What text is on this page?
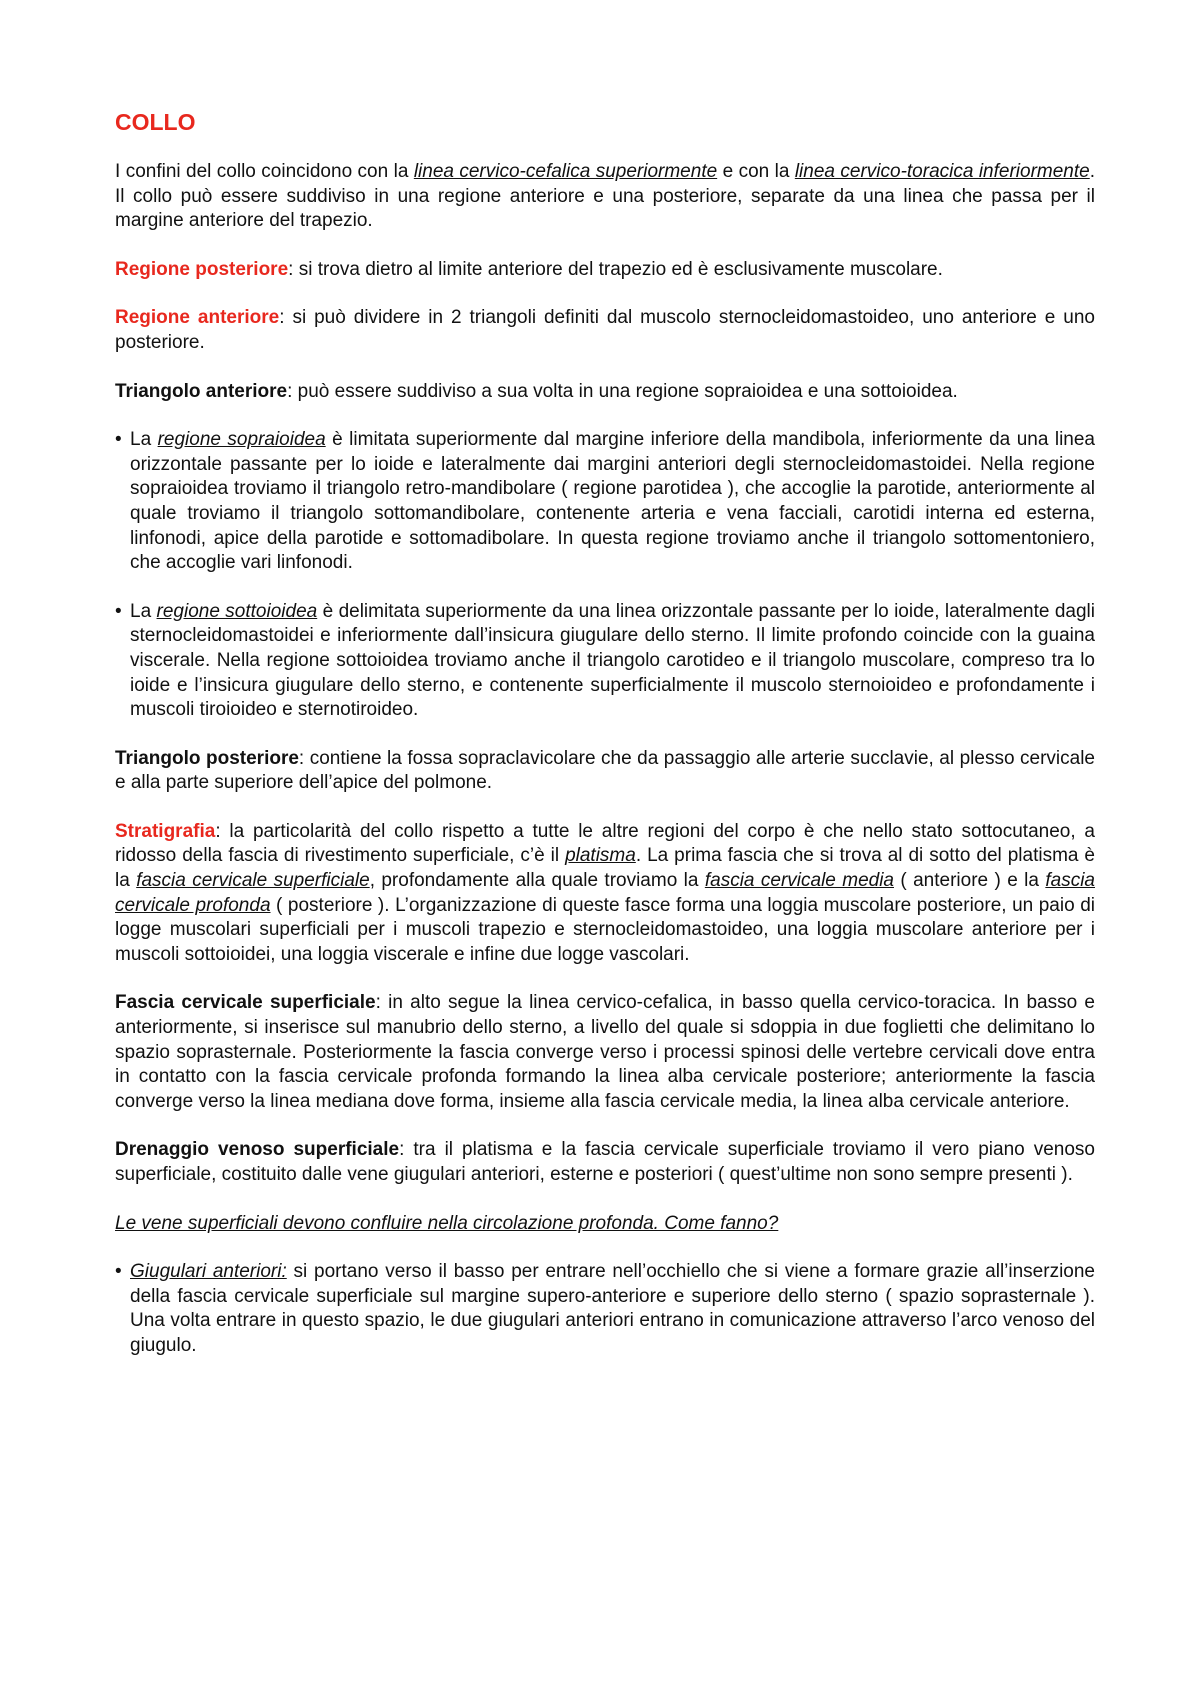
COLLO

I confini del collo coincidono con la linea cervico-cefalica superiormente e con la linea cervico-toracica inferiormente. Il collo può essere suddiviso in una regione anteriore e una posteriore, separate da una linea che passa per il margine anteriore del trapezio.

Regione posteriore: si trova dietro al limite anteriore del trapezio ed è esclusivamente muscolare.

Regione anteriore: si può dividere in 2 triangoli definiti dal muscolo sternocleidomastoideo, uno anteriore e uno posteriore.

Triangolo anteriore: può essere suddiviso a sua volta in una regione sopraioidea e una sottoioidea.

• La regione sopraioidea è limitata superiormente dal margine inferiore della mandibola, inferiormente da una linea orizzontale passante per lo ioide e lateralmente dai margini anteriori degli sternocleidomastoidei. Nella regione sopraioidea troviamo il triangolo retro-mandibolare ( regione parotidea ), che accoglie la parotide, anteriormente al quale troviamo il triangolo sottomandibolare, contenente arteria e vena facciali, carotidi interna ed esterna, linfonodi, apice della parotide e sottomadibolare. In questa regione troviamo anche il triangolo sottomentoniero, che accoglie vari linfonodi.
• La regione sottoioidea è delimitata superiormente da una linea orizzontale passante per lo ioide, lateralmente dagli sternocleidomastoidei e inferiormente dall’insicura giugulare dello sterno. Il limite profondo coincide con la guaina viscerale. Nella regione sottoioidea troviamo anche il triangolo carotideo e il triangolo muscolare, compreso tra lo ioide e l’insicura giugulare dello sterno, e contenente superficialmente il muscolo sternoioideo e profondamente i muscoli tiroioideo e sternotiroideo.

Triangolo posteriore: contiene la fossa sopraclavicolare che da passaggio alle arterie succlavie, al plesso cervicale e alla parte superiore dell’apice del polmone.

Stratigrafia: la particolarità del collo rispetto a tutte le altre regioni del corpo è che nello stato sottocutaneo, a ridosso della fascia di rivestimento superficiale, c’è il platisma. La prima fascia che si trova al di sotto del platisma è la fascia cervicale superficiale, profondamente alla quale troviamo la fascia cervicale media ( anteriore ) e la fascia cervicale profonda ( posteriore ). L’organizzazione di queste fasce forma una loggia muscolare posteriore, un paio di logge muscolari superficiali per i muscoli trapezio e sternocleidomastoideo, una loggia muscolare anteriore per i muscoli sottoioidei, una loggia viscerale e infine due logge vascolari.

Fascia cervicale superficiale: in alto segue la linea cervico-cefalica, in basso quella cervico-toracica. In basso e anteriormente, si inserisce sul manubrio dello sterno, a livello del quale si sdoppia in due foglietti che delimitano lo spazio soprasternale. Posteriormente la fascia converge verso i processi spinosi delle vertebre cervicali dove entra in contatto con la fascia cervicale profonda formando la linea alba cervicale posteriore; anteriormente la fascia converge verso la linea mediana dove forma, insieme alla fascia cervicale media, la linea alba cervicale anteriore.

Drenaggio venoso superficiale: tra il platisma e la fascia cervicale superficiale troviamo il vero piano venoso superficiale, costituito dalle vene giugulari anteriori, esterne e posteriori ( quest’ultime non sono sempre presenti ).

Le vene superficiali devono confluire nella circolazione profonda. Come fanno?

• Giugulari anteriori: si portano verso il basso per entrare nell’occhiello che si viene a formare grazie all’inserzione della fascia cervicale superficiale sul margine supero-anteriore e superiore dello sterno ( spazio soprasternale ). Una volta entrare in questo spazio, le due giugulari anteriori entrano in comunicazione attraverso l’arco venoso del giugulo.
